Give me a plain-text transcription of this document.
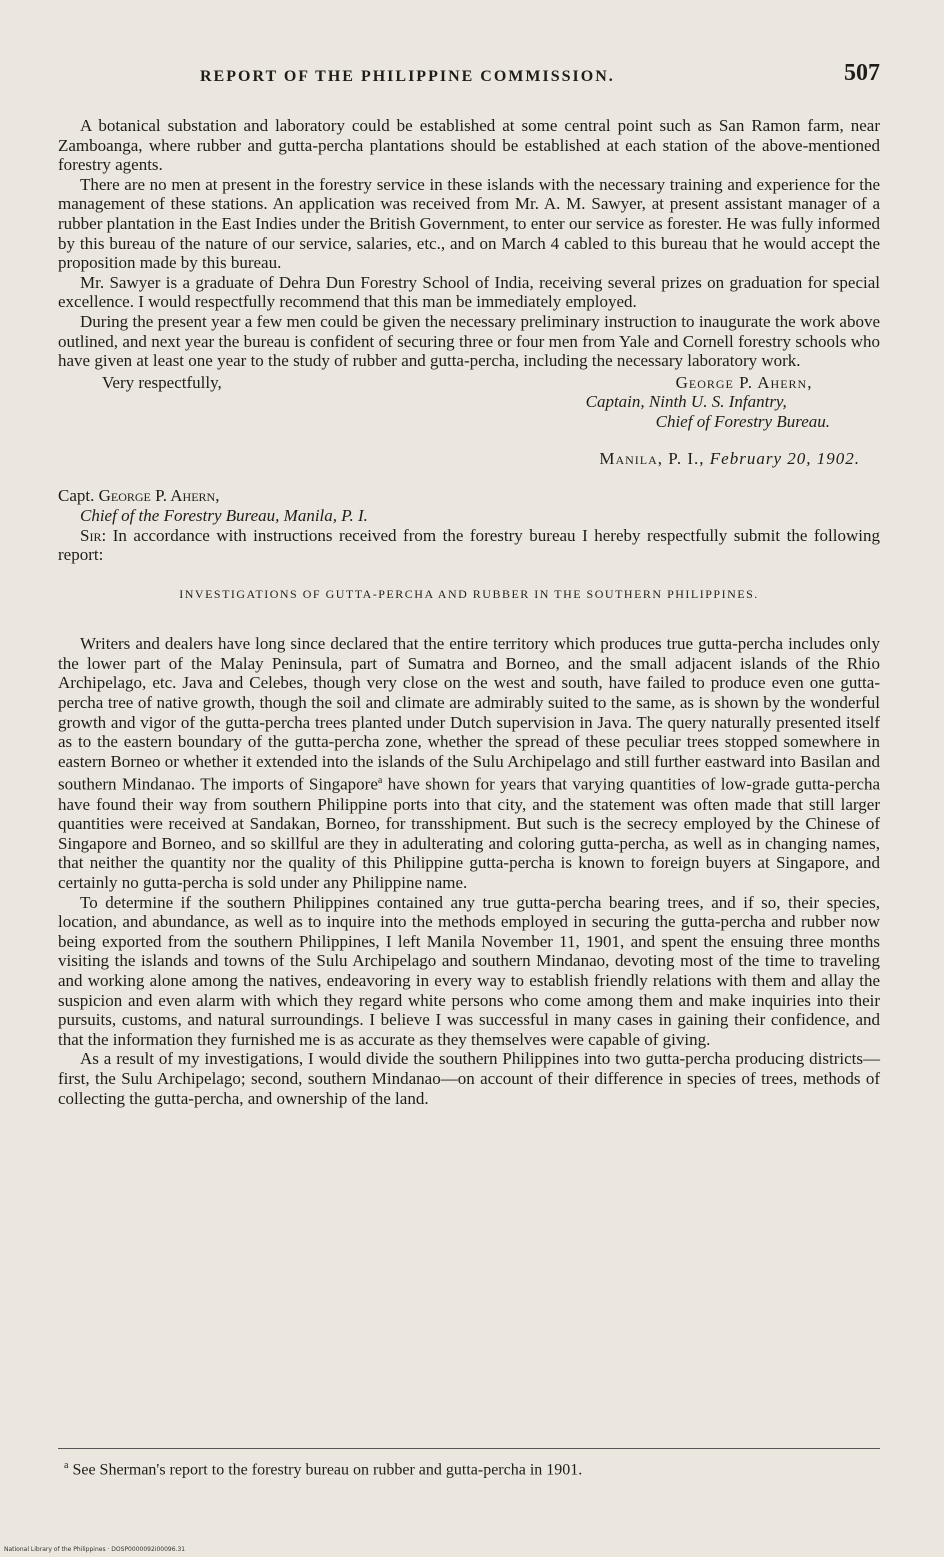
REPORT OF THE PHILIPPINE COMMISSION.	507

A botanical substation and laboratory could be established at some central point such as San Ramon farm, near Zamboanga, where rubber and gutta-percha plantations should be established at each station of the above-mentioned forestry agents.

There are no men at present in the forestry service in these islands with the necessary training and experience for the management of these stations. An application was received from Mr. A. M. Sawyer, at present assistant manager of a rubber plantation in the East Indies under the British Government, to enter our service as forester. He was fully informed by this bureau of the nature of our service, salaries, etc., and on March 4 cabled to this bureau that he would accept the proposition made by this bureau.

Mr. Sawyer is a graduate of Dehra Dun Forestry School of India, receiving several prizes on graduation for special excellence. I would respectfully recommend that this man be immediately employed.

During the present year a few men could be given the necessary preliminary instruction to inaugurate the work above outlined, and next year the bureau is confident of securing three or four men from Yale and Cornell forestry schools who have given at least one year to the study of rubber and gutta-percha, including the necessary laboratory work.

Very respectfully,	George P. Ahern,
Captain, Ninth U. S. Infantry,
Chief of Forestry Bureau.
Manila, P. I., February 20, 1902.

Capt. George P. Ahern,
Chief of the Forestry Bureau, Manila, P. I.

Sir: In accordance with instructions received from the forestry bureau I hereby respectfully submit the following report:

INVESTIGATIONS OF GUTTA-PERCHA AND RUBBER IN THE SOUTHERN PHILIPPINES.

Writers and dealers have long since declared that the entire territory which produces true gutta-percha includes only the lower part of the Malay Peninsula, part of Sumatra and Borneo, and the small adjacent islands of the Rhio Archipelago, etc. Java and Celebes, though very close on the west and south, have failed to produce even one gutta-percha tree of native growth, though the soil and climate are admirably suited to the same, as is shown by the wonderful growth and vigor of the gutta-percha trees planted under Dutch supervision in Java. The query naturally presented itself as to the eastern boundary of the gutta-percha zone, whether the spread of these peculiar trees stopped somewhere in eastern Borneo or whether it extended into the islands of the Sulu Archipelago and still further eastward into Basilan and southern Mindanao. The imports of Singapore$^a$ have shown for years that varying quantities of low-grade gutta-percha have found their way from southern Philippine ports into that city, and the statement was often made that still larger quantities were received at Sandakan, Borneo, for transshipment. But such is the secrecy employed by the Chinese of Singapore and Borneo, and so skillful are they in adulterating and coloring gutta-percha, as well as in changing names, that neither the quantity nor the quality of this Philippine gutta-percha is known to foreign buyers at Singapore, and certainly no gutta-percha is sold under any Philippine name.

To determine if the southern Philippines contained any true gutta-percha bearing trees, and if so, their species, location, and abundance, as well as to inquire into the methods employed in securing the gutta-percha and rubber now being exported from the southern Philippines, I left Manila November 11, 1901, and spent the ensuing three months visiting the islands and towns of the Sulu Archipelago and southern Mindanao, devoting most of the time to traveling and working alone among the natives, endeavoring in every way to establish friendly relations with them and allay the suspicion and even alarm with which they regard white persons who come among them and make inquiries into their pursuits, customs, and natural surroundings. I believe I was successful in many cases in gaining their confidence, and that the information they furnished me is as accurate as they themselves were capable of giving.

As a result of my investigations, I would divide the southern Philippines into two gutta-percha producing districts—first, the Sulu Archipelago; second, southern Mindanao—on account of their difference in species of trees, methods of collecting the gutta-percha, and ownership of the land.

$^a$ See Sherman's report to the forestry bureau on rubber and gutta-percha in 1901.
National Library of the Philippines · DOSP0000092i00096.31
